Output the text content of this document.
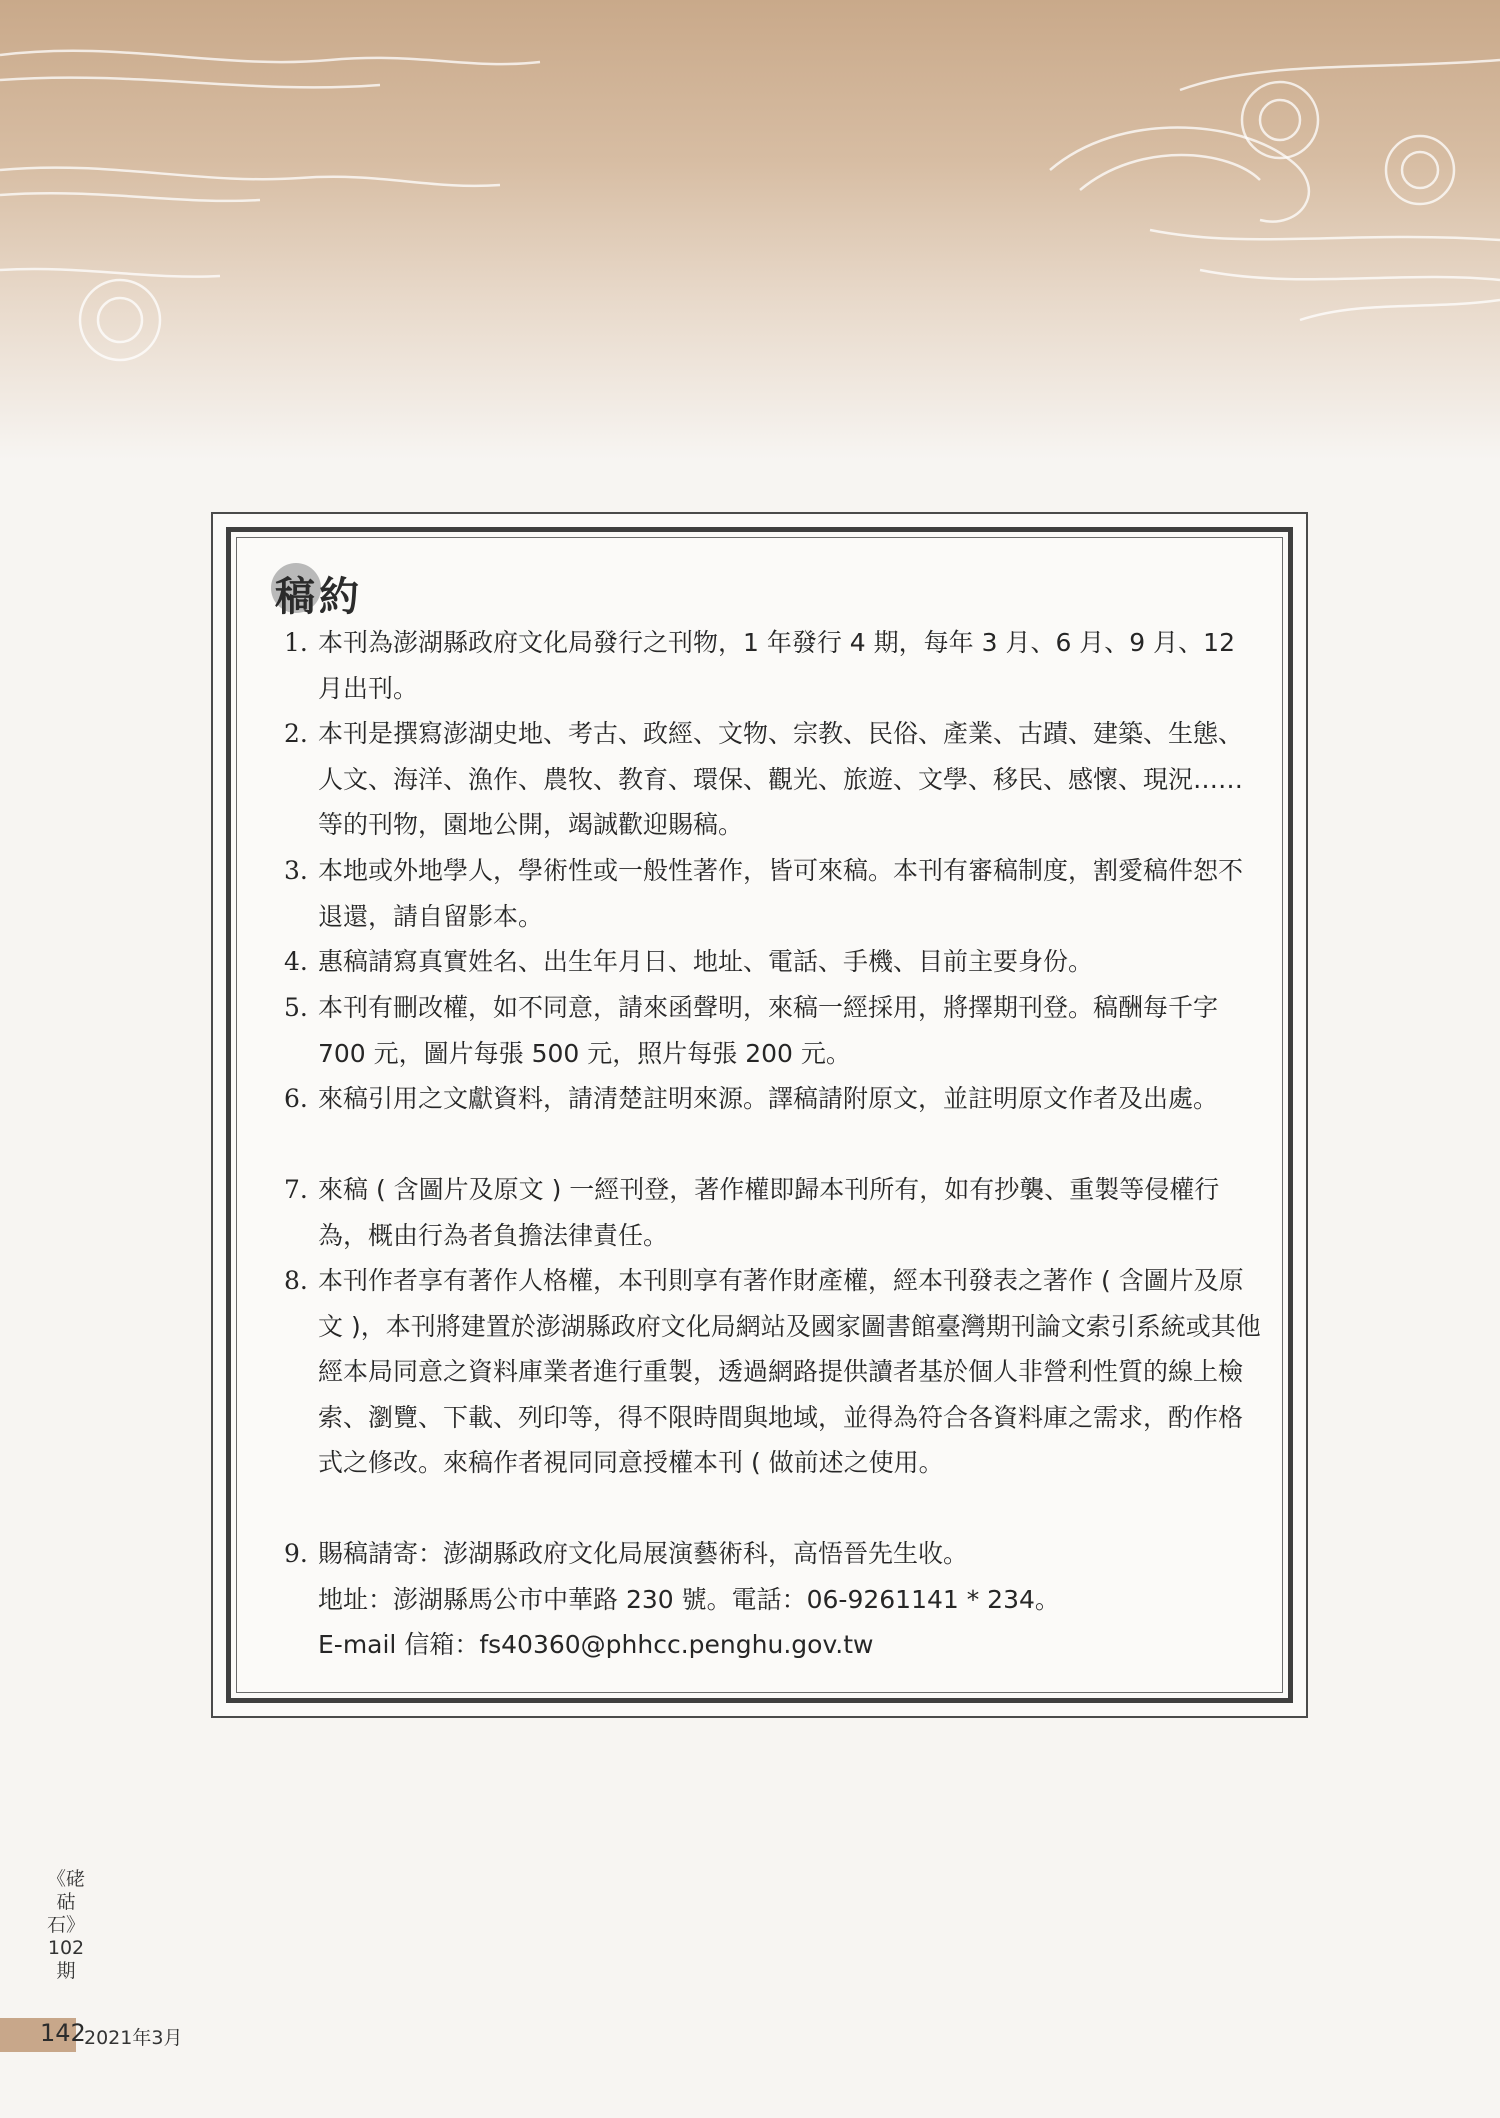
稿約
1. 本刊為澎湖縣政府文化局發行之刊物，1 年發行 4 期，每年 3 月、6 月、9 月、12 月出刊。
2. 本刊是撰寫澎湖史地、考古、政經、文物、宗教、民俗、產業、古蹟、建築、生態、人文、海洋、漁作、農牧、教育、環保、觀光、旅遊、文學、移民、感懷、現況……等的刊物，園地公開，竭誠歡迎賜稿。
3. 本地或外地學人，學術性或一般性著作，皆可來稿。本刊有審稿制度，割愛稿件恕不退還，請自留影本。
4. 惠稿請寫真實姓名、出生年月日、地址、電話、手機、目前主要身份。
5. 本刊有刪改權，如不同意，請來函聲明，來稿一經採用，將擇期刊登。稿酬每千字 700 元，圖片每張 500 元，照片每張 200 元。
6. 來稿引用之文獻資料，請清楚註明來源。譯稿請附原文，並註明原文作者及出處。
7. 來稿 ( 含圖片及原文 ) 一經刊登，著作權即歸本刊所有，如有抄襲、重製等侵權行為，概由行為者負擔法律責任。
8. 本刊作者享有著作人格權，本刊則享有著作財產權，經本刊發表之著作 ( 含圖片及原文 )，本刊將建置於澎湖縣政府文化局網站及國家圖書館臺灣期刊論文索引系統或其他經本局同意之資料庫業者進行重製，透過網路提供讀者基於個人非營利性質的線上檢索、瀏覽、下載、列印等，得不限時間與地域，並得為符合各資料庫之需求，酌作格式之修改。來稿作者視同同意授權本刊 ( 做前述之使用。
9. 賜稿請寄：澎湖縣政府文化局展演藝術科，高悟晉先生收。
地址：澎湖縣馬公市中華路 230 號。電話：06-9261141 * 234。
E-mail 信箱：fs40360@phhcc.penghu.gov.tw
《硓𥑮石》102期
142
2021年3月
